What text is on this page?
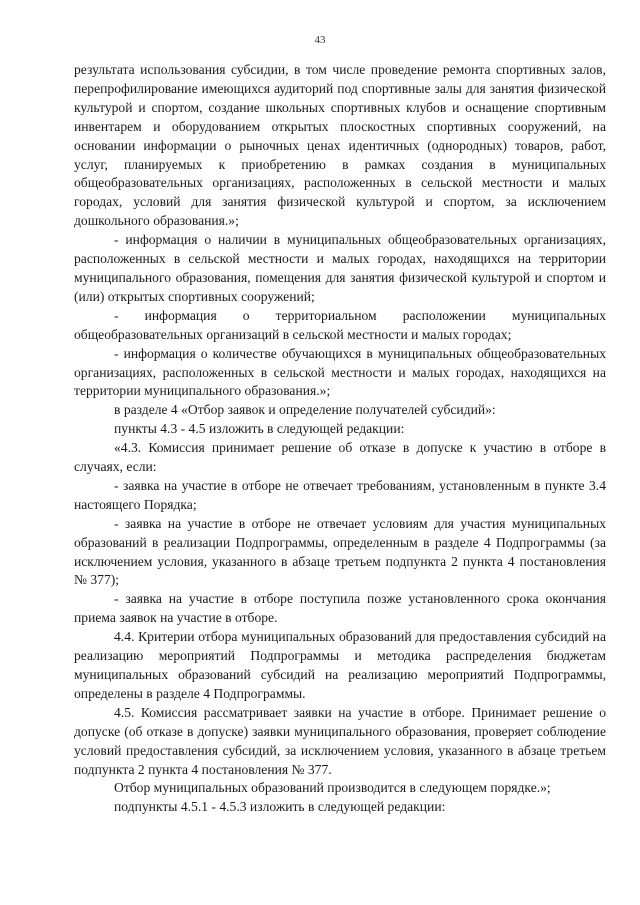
43

результата использования субсидии, в том числе проведение ремонта спортивных залов, перепрофилирование имеющихся аудиторий под спортивные залы для занятия физической культурой и спортом, создание школьных спортивных клубов и оснащение спортивным инвентарем и оборудованием открытых плоскостных спортивных сооружений, на основании информации о рыночных ценах идентичных (однородных) товаров, работ, услуг, планируемых к приобретению в рамках создания в муниципальных общеобразовательных организациях, расположенных в сельской местности и малых городах, условий для занятия физической культурой и спортом, за исключением дошкольного образования.»;

- информация о наличии в муниципальных общеобразовательных организациях, расположенных в сельской местности и малых городах, находящихся на территории муниципального образования, помещения для занятия физической культурой и спортом и (или) открытых спортивных сооружений;

- информация о территориальном расположении муниципальных общеобразовательных организаций в сельской местности и малых городах;

- информация о количестве обучающихся в муниципальных общеобразовательных организациях, расположенных в сельской местности и малых городах, находящихся на территории муниципального образования.»;

в разделе 4 «Отбор заявок и определение получателей субсидий»:

пункты 4.3 - 4.5 изложить в следующей редакции:

«4.3. Комиссия принимает решение об отказе в допуске к участию в отборе в случаях, если:

- заявка на участие в отборе не отвечает требованиям, установленным в пункте 3.4 настоящего Порядка;

- заявка на участие в отборе не отвечает условиям для участия муниципальных образований в реализации Подпрограммы, определенным в разделе 4 Подпрограммы (за исключением условия, указанного в абзаце третьем подпункта 2 пункта 4 постановления № 377);

- заявка на участие в отборе поступила позже установленного срока окончания приема заявок на участие в отборе.

4.4. Критерии отбора муниципальных образований для предоставления субсидий на реализацию мероприятий Подпрограммы и методика распределения бюджетам муниципальных образований субсидий на реализацию мероприятий Подпрограммы, определены в разделе 4 Подпрограммы.

4.5. Комиссия рассматривает заявки на участие в отборе. Принимает решение о допуске (об отказе в допуске) заявки муниципального образования, проверяет соблюдение условий предоставления субсидий, за исключением условия, указанного в абзаце третьем подпункта 2 пункта 4 постановления № 377.

Отбор муниципальных образований производится в следующем порядке.»;

подпункты 4.5.1 - 4.5.3 изложить в следующей редакции:
